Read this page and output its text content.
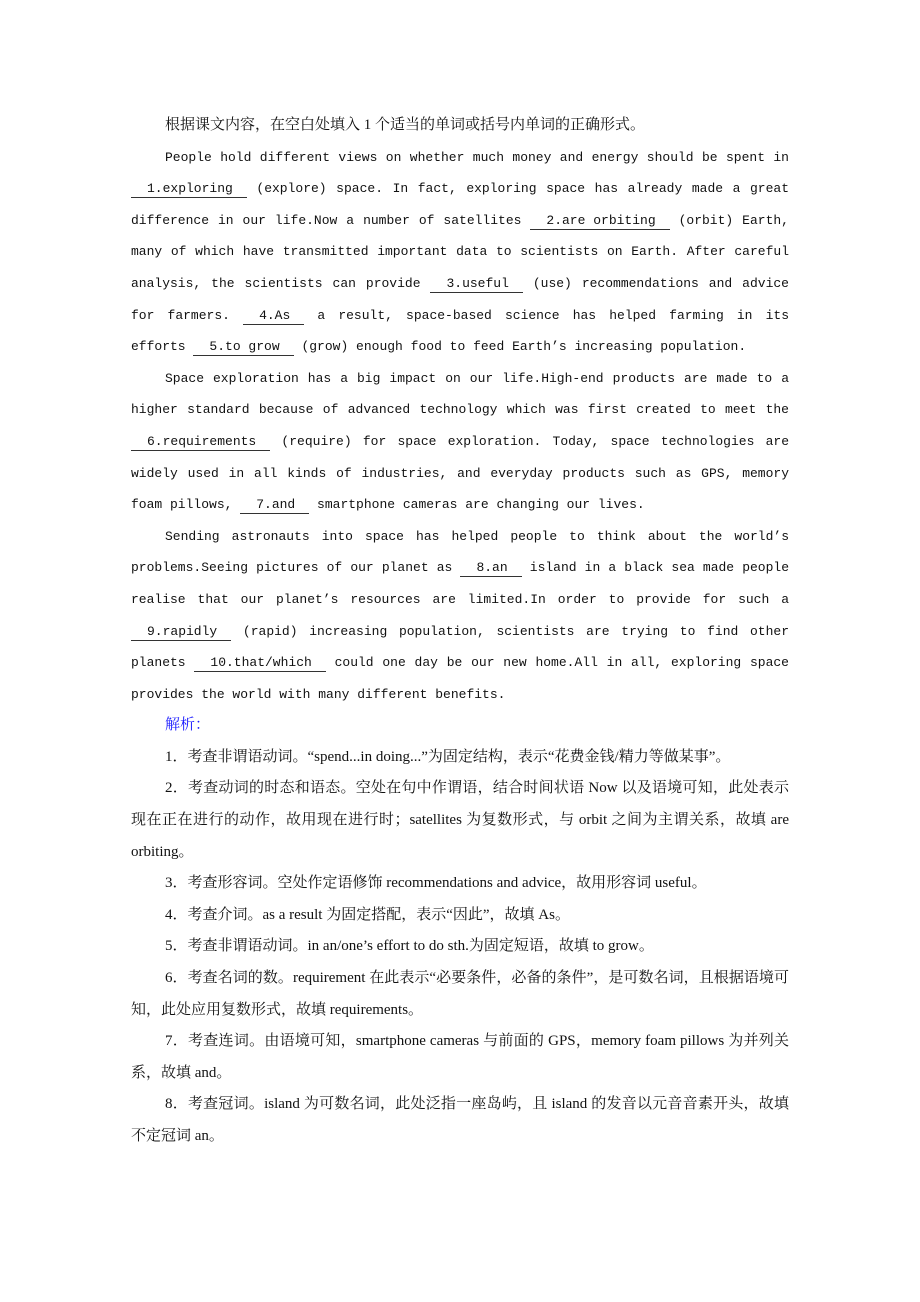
根据课文内容，在空白处填入 1 个适当的单词或括号内单词的正确形式。

People hold different views on whether much money and energy should be spent in 1.exploring (explore) space. In fact, exploring space has already made a great difference in our life.Now a number of satellites 2.are orbiting (orbit) Earth, many of which have transmitted important data to scientists on Earth. After careful analysis, the scientists can provide 3.useful (use) recommendations and advice for farmers. 4.As a result, space-based science has helped farming in its efforts 5.to grow (grow) enough food to feed Earth’s increasing population.

Space exploration has a big impact on our life.High-end products are made to a higher standard because of advanced technology which was first created to meet the 6.requirements (require) for space exploration. Today, space technologies are widely used in all kinds of industries, and everyday products such as GPS, memory foam pillows, 7.and smartphone cameras are changing our lives.

Sending astronauts into space has helped people to think about the world’s problems.Seeing pictures of our planet as 8.an island in a black sea made people realise that our planet’s resources are limited.In order to provide for such a 9.rapidly (rapid) increasing population, scientists are trying to find other planets 10.that/which could one day be our new home.All in all, exploring space provides the world with many different benefits.

解析：

1．考查非谓语动词。“spend...in doing...”为固定结构，表示“花费金钱/精力等做某事”。

2．考查动词的时态和语态。空处在句中作谓语，结合时间状语 Now 以及语境可知，此处表示现在正在进行的动作，故用现在进行时；satellites 为复数形式，与 orbit 之间为主谓关系，故填 are orbiting。

3．考查形容词。空处作定语修饰 recommendations and advice，故用形容词 useful。

4．考查介词。as a result 为固定搭配，表示“因此”，故填 As。

5．考查非谓语动词。in an/one’s effort to do sth.为固定短语，故填 to grow。

6．考查名词的数。requirement 在此表示“必要条件，必备的条件”，是可数名词，且根据语境可知，此处应用复数形式，故填 requirements。

7．考查连词。由语境可知，smartphone cameras 与前面的 GPS，memory foam pillows 为并列关系，故填 and。

8．考查冠词。island 为可数名词，此处泛指一座岛屿，且 island 的发音以元音音素开头，故填不定冠词 an。
